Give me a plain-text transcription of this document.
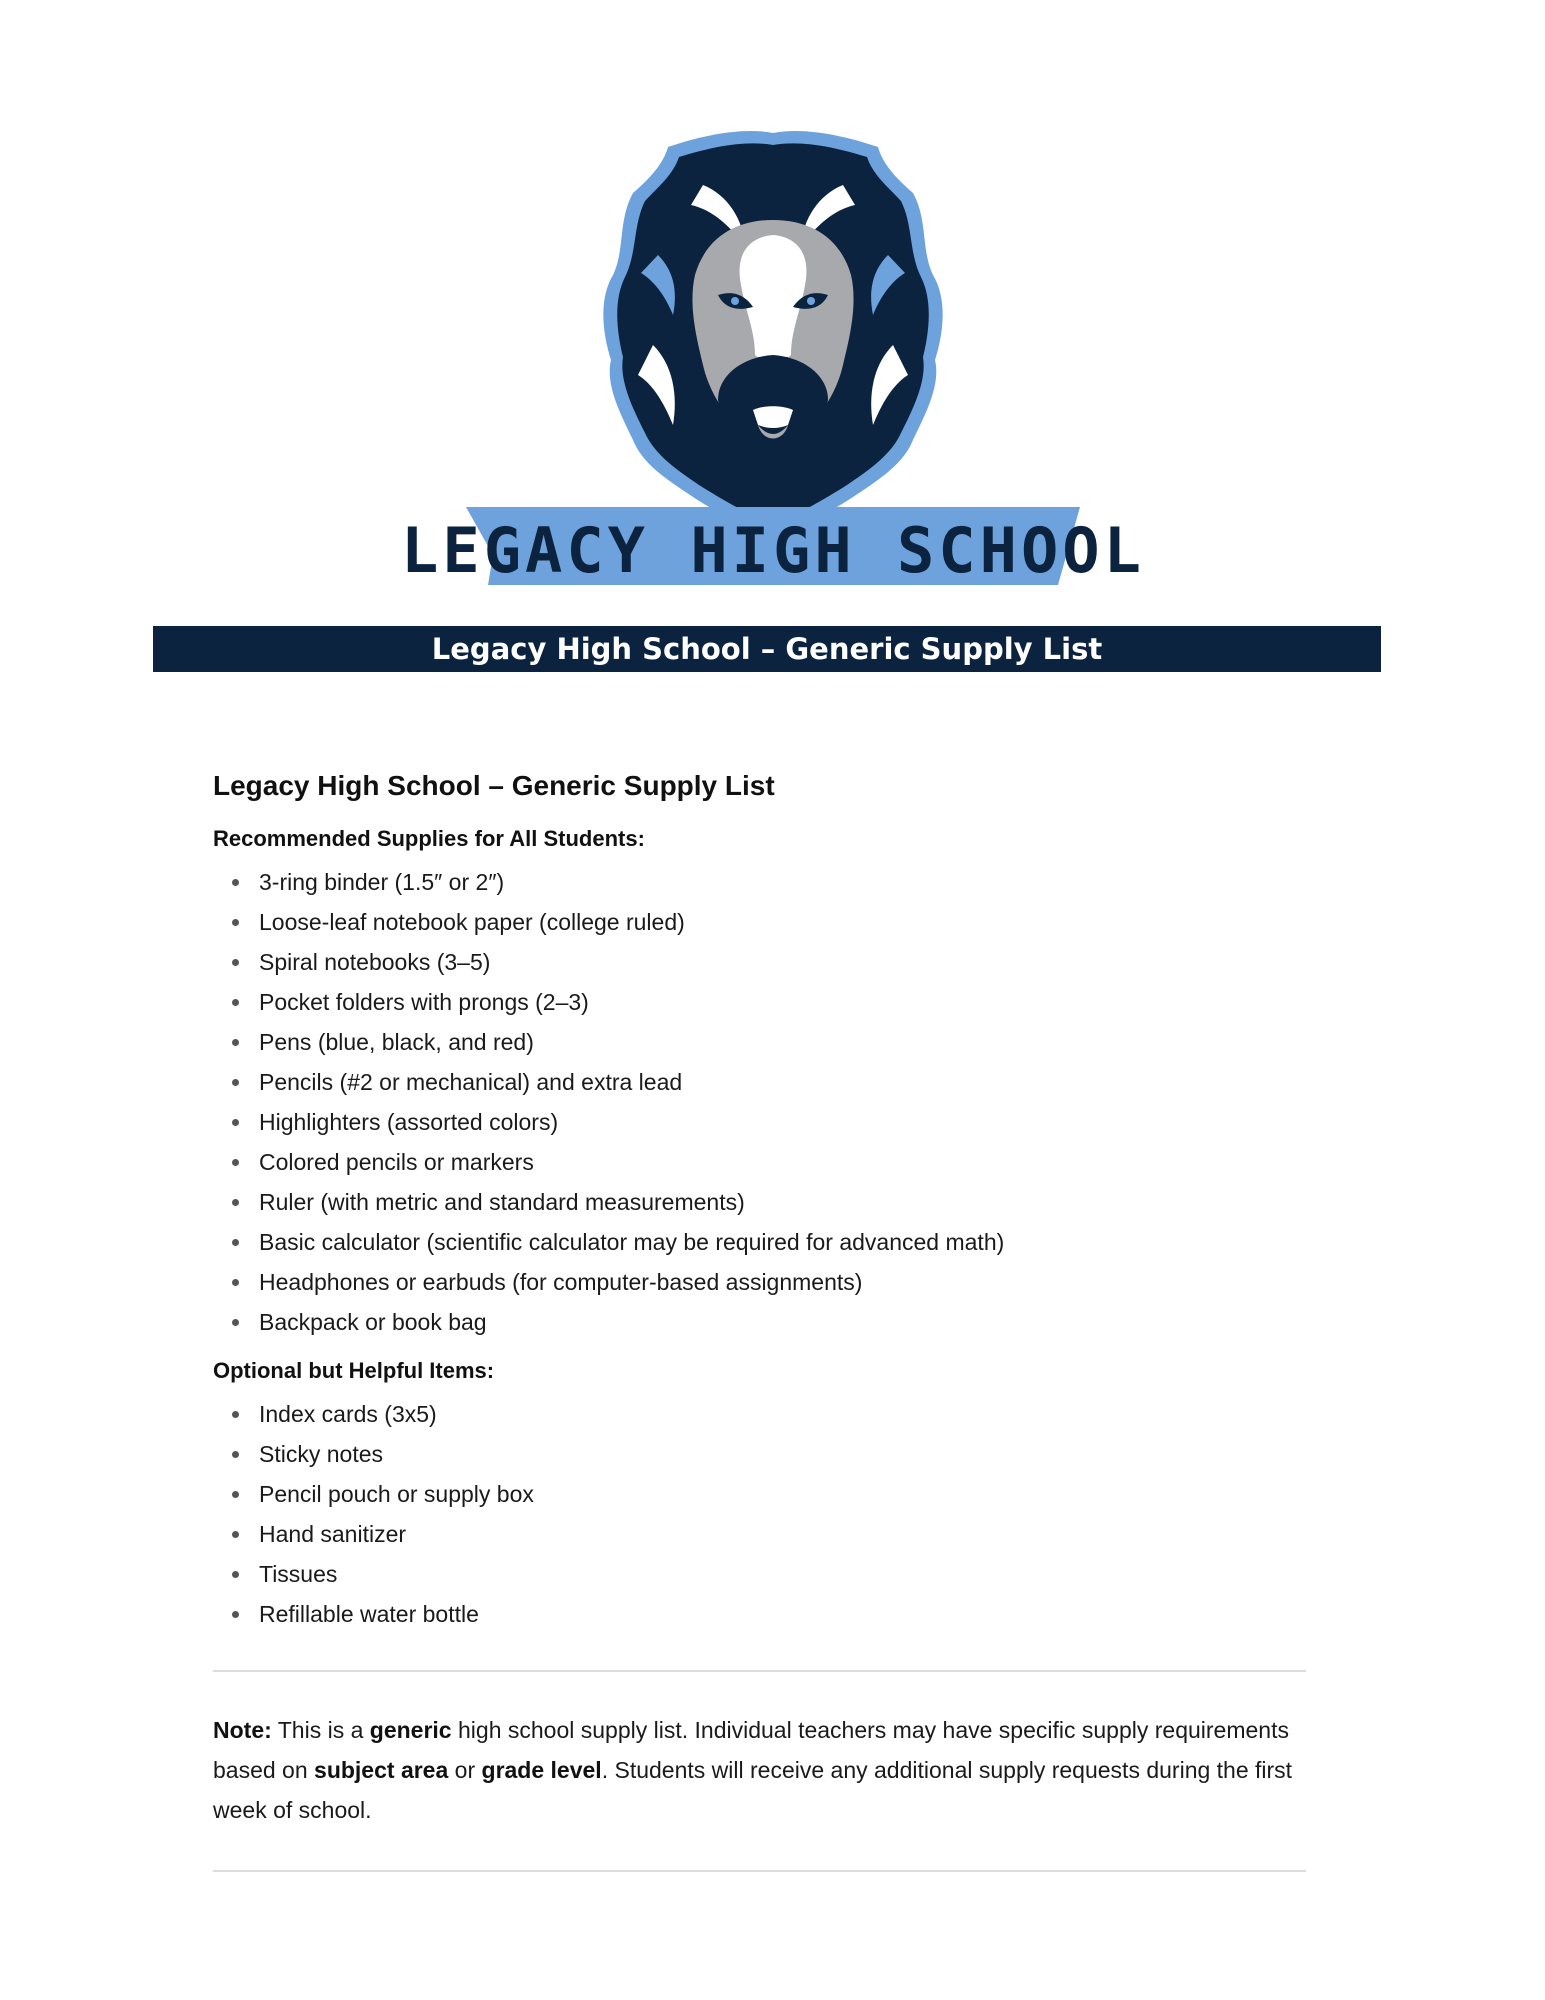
LEGACY HIGH SCHOOL
Legacy High School – Generic Supply List
Legacy High School – Generic Supply List
Recommended Supplies for All Students:
3-ring binder (1.5″ or 2″)
Loose-leaf notebook paper (college ruled)
Spiral notebooks (3–5)
Pocket folders with prongs (2–3)
Pens (blue, black, and red)
Pencils (#2 or mechanical) and extra lead
Highlighters (assorted colors)
Colored pencils or markers
Ruler (with metric and standard measurements)
Basic calculator (scientific calculator may be required for advanced math)
Headphones or earbuds (for computer-based assignments)
Backpack or book bag
Optional but Helpful Items:
Index cards (3x5)
Sticky notes
Pencil pouch or supply box
Hand sanitizer
Tissues
Refillable water bottle

Note: This is a generic high school supply list. Individual teachers may have specific supply requirements based on subject area or grade level. Students will receive any additional supply requests during the first week of school.
